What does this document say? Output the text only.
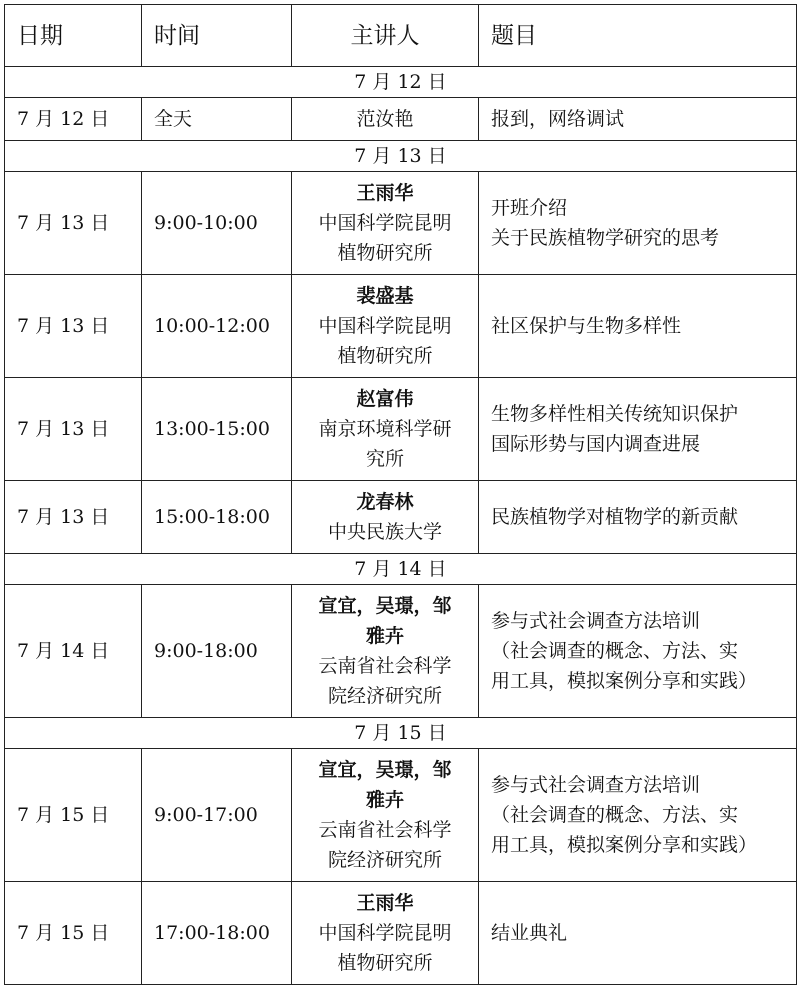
日期	时间	主讲人	题目
7 月 12 日			
7 月 12 日	全天	范汝艳	报到，网络调试

7 月 13 日			
7 月 13 日	9:00-10:00	王雨华
中国科学院昆明
植物研究所	开班介绍
关于民族植物学研究的思考

7 月 13 日	10:00-12:00	裴盛基
中国科学院昆明
植物研究所	社区保护与生物多样性

7 月 13 日	13:00-15:00	赵富伟
南京环境科学研
究所	生物多样性相关传统知识保护
国际形势与国内调查进展

7 月 13 日	15:00-18:00	龙春林
中央民族大学	民族植物学对植物学的新贡献

7 月 14 日			
7 月 14 日	9:00-18:00	宣宜，吴璟，邹
雅卉
云南省社会科学
院经济研究所	参与式社会调查方法培训
（社会调查的概念、方法、实
用工具，模拟案例分享和实践）

7 月 15 日			
7 月 15 日	9:00-17:00	宣宜，吴璟，邹
雅卉
云南省社会科学
院经济研究所	参与式社会调查方法培训
（社会调查的概念、方法、实
用工具，模拟案例分享和实践）

7 月 15 日	17:00-18:00	王雨华
中国科学院昆明
植物研究所	结业典礼
